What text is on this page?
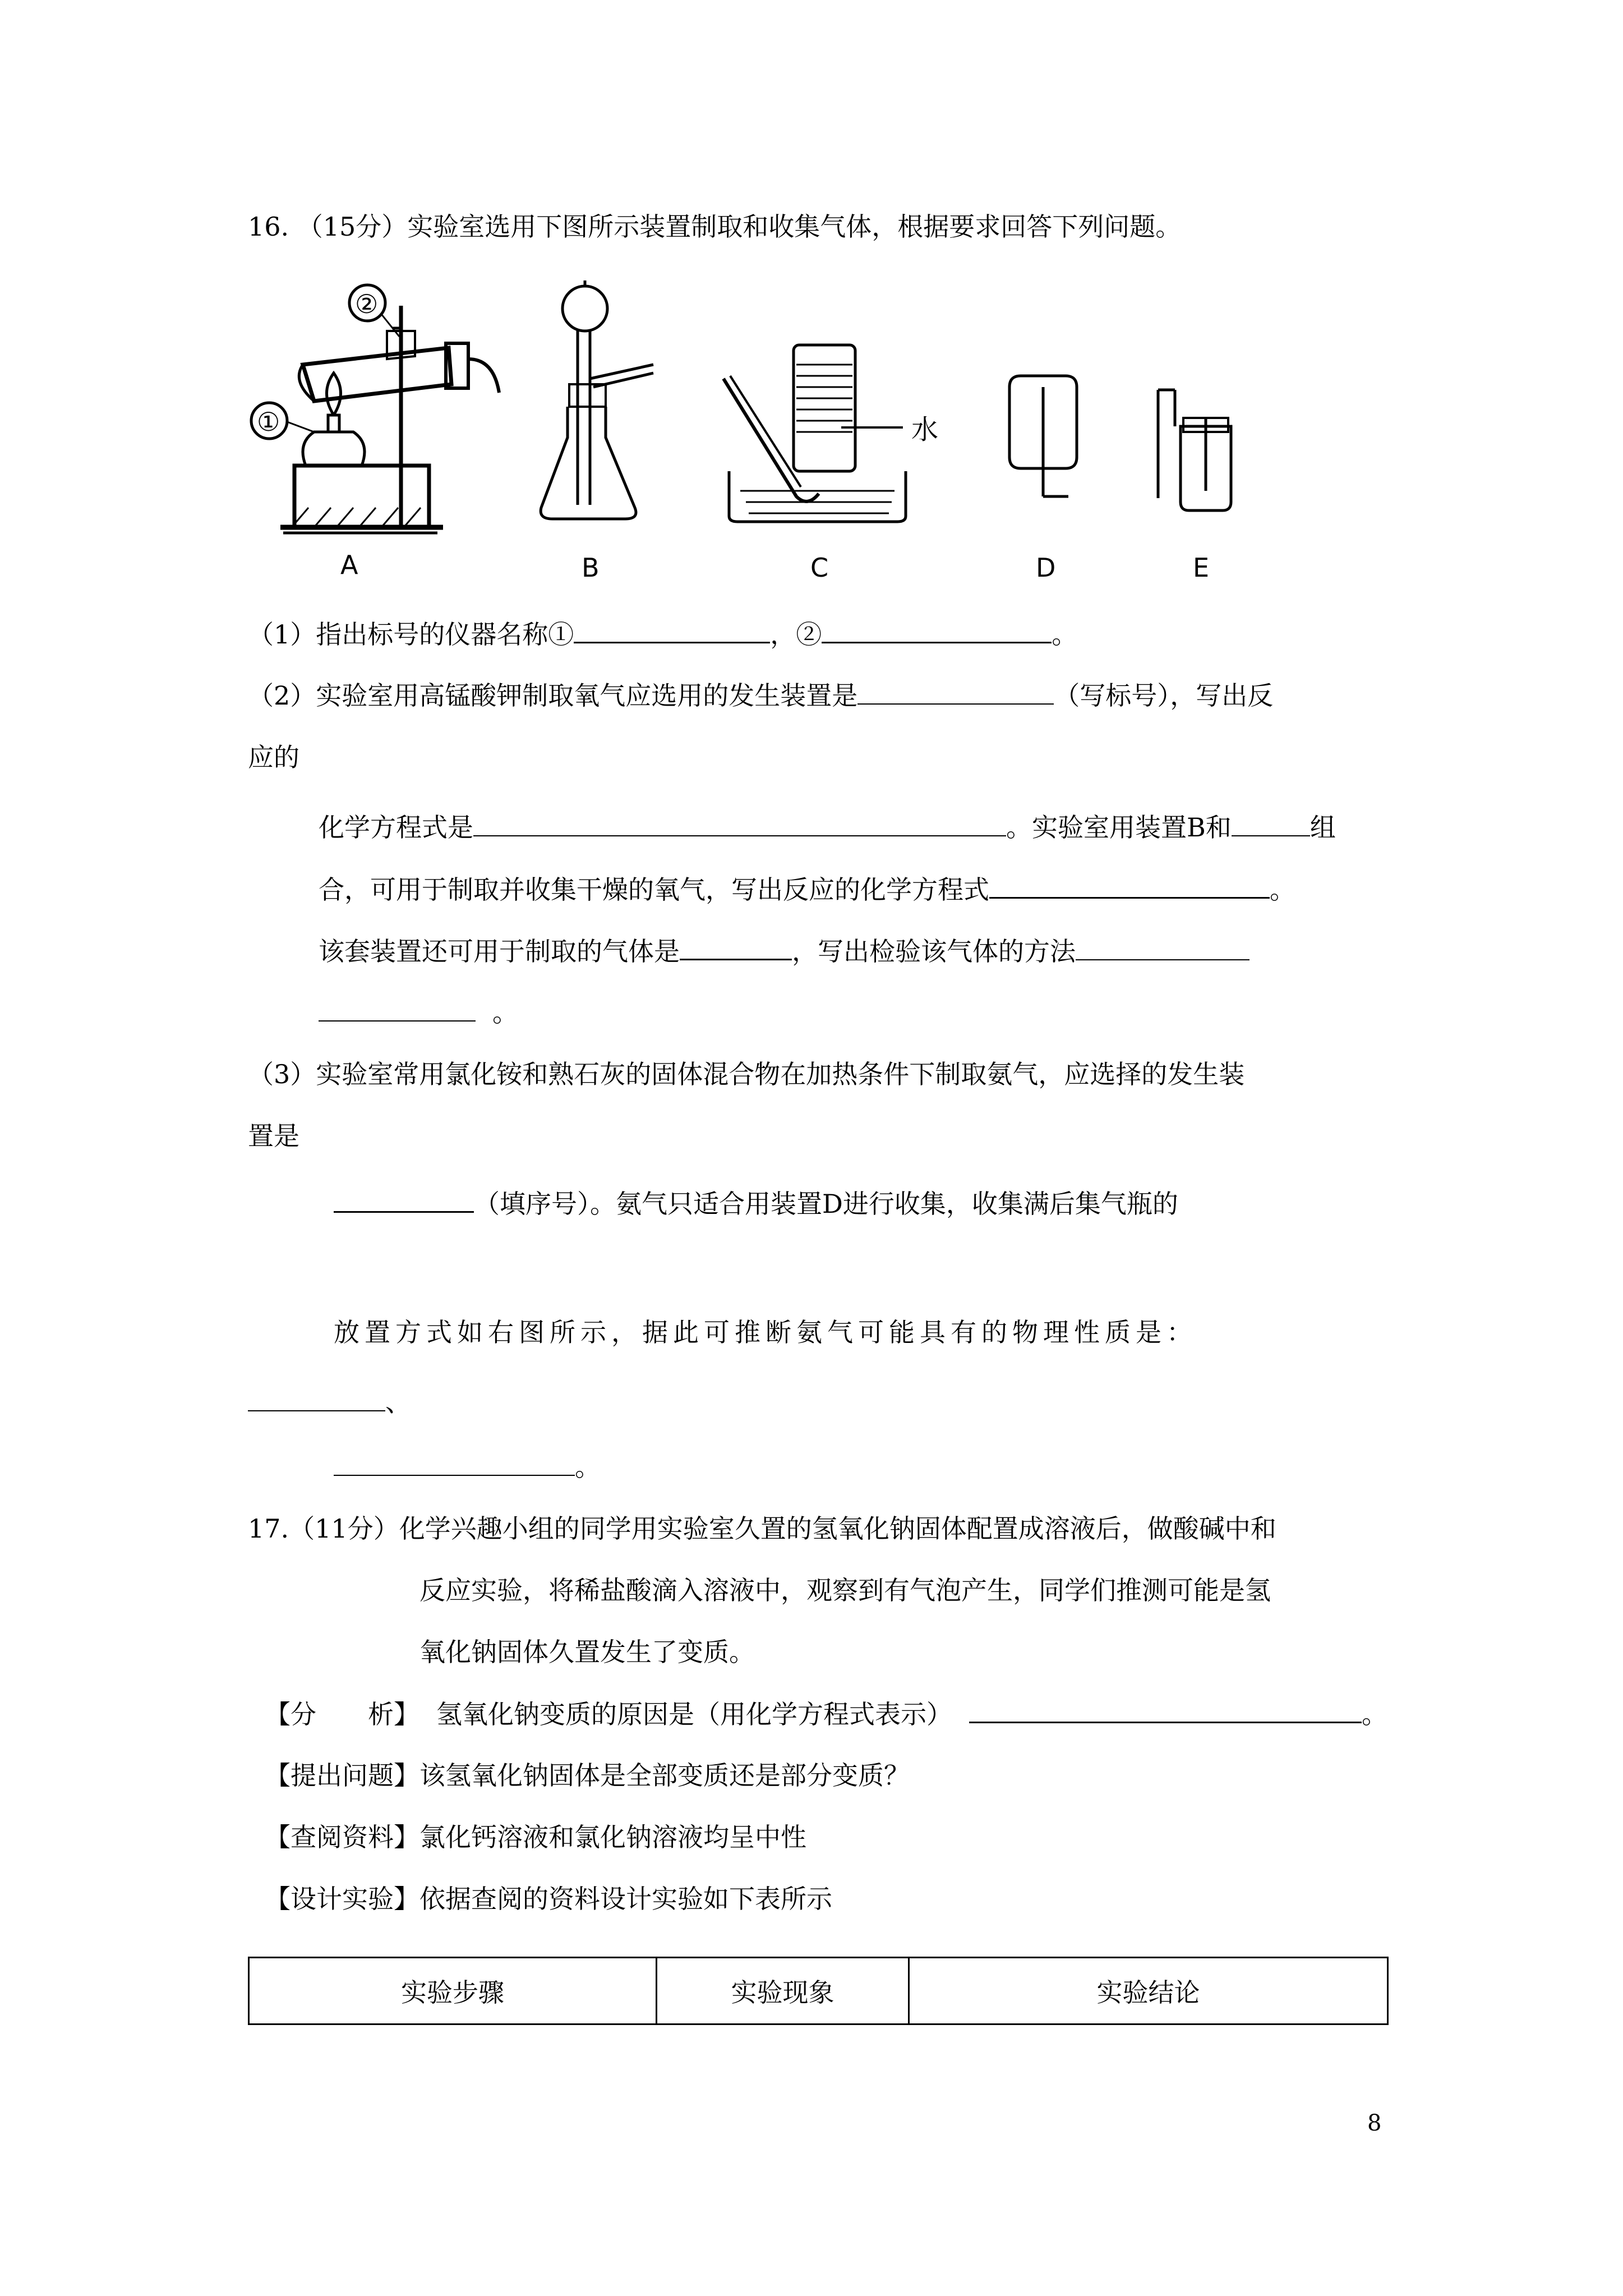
16. （15分）实验室选用下图所示装置制取和收集气体，根据要求回答下列问题。
②
①	水
A	B	C	D	E
（1）指出标号的仪器名称①	，②	。
（2）实验室用高锰酸钾制取氧气应选用的发生装置是	（写标号），写出反
应的
化学方程式是	。实验室用装置B和	组
合，可用于制取并收集干燥的氧气，写出反应的化学方程式	。
该套装置还可用于制取的气体是	，写出检验该气体的方法
。
（3）实验室常用氯化铵和熟石灰的固体混合物在加热条件下制取氨气，应选择的发生装
置是
（填序号）。氨气只适合用装置D进行收集，收集满后集气瓶的
放置方式如右图所示，据此可推断氨气可能具有的物理性质是：
、
。
17.（11分）化学兴趣小组的同学用实验室久置的氢氧化钠固体配置成溶液后，做酸碱中和
反应实验，将稀盐酸滴入溶液中，观察到有气泡产生，同学们推测可能是氢
氧化钠固体久置发生了变质。
【分　　析】 氢氧化钠变质的原因是（用化学方程式表示）	。
【提出问题】该氢氧化钠固体是全部变质还是部分变质？
【查阅资料】氯化钙溶液和氯化钠溶液均呈中性
【设计实验】依据查阅的资料设计实验如下表所示
实验步骤	实验现象	实验结论
8
